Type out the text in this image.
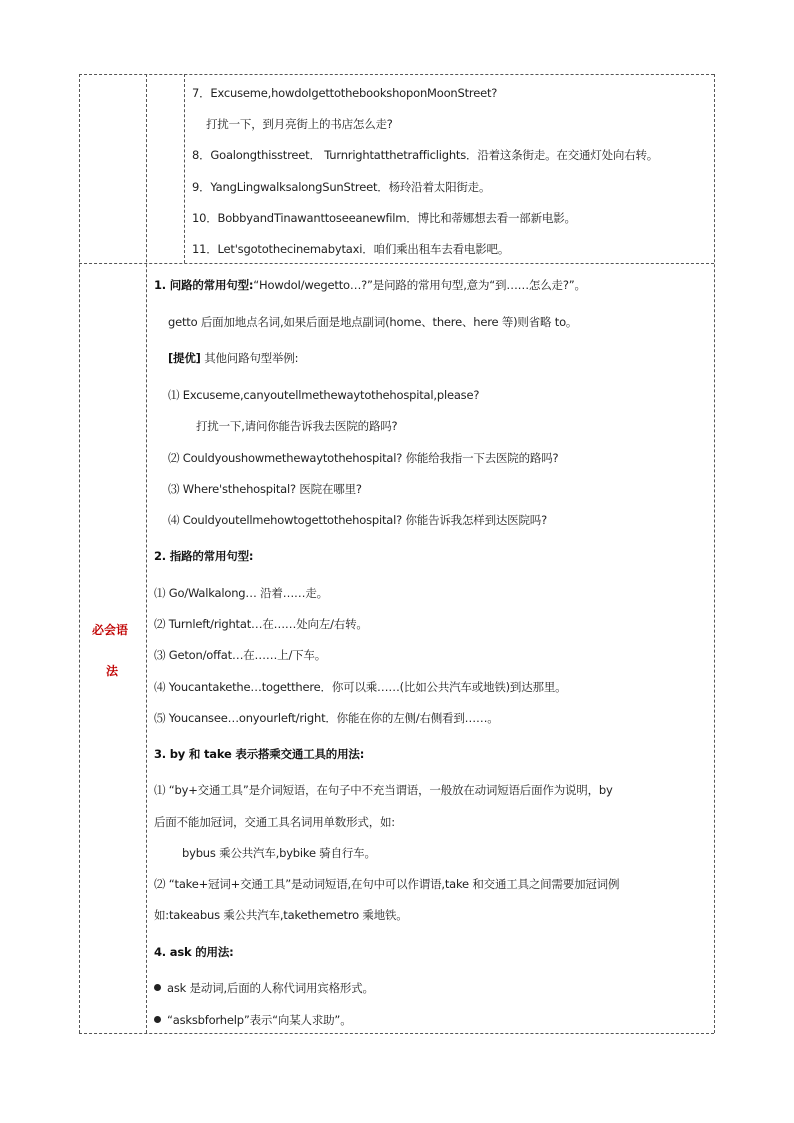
7．Excuseme,howdoIgettothebookshoponMoonStreet?
打扰一下，到月亮街上的书店怎么走?
8．Goalongthisstreet． Turnrightatthetrafficlights．沿着这条街走。在交通灯处向右转。
9．YangLingwalksalongSunStreet．杨玲沿着太阳街走。
10．BobbyandTinawanttoseeanewfilm．博比和蒂娜想去看一部新电影。
11．Let'sgotothecinemabytaxi．咱们乘出租车去看电影吧。
必会语
法
1. 问路的常用句型:“HowdoI/wegetto…?”是问路的常用句型,意为“到……怎么走?”。
getto 后面加地点名词,如果后面是地点副词(home、there、here 等)则省略 to。
[提优] 其他问路句型举例:
⑴ Excuseme,canyoutellmethewaytothehospital,please?
打扰一下,请问你能告诉我去医院的路吗?
⑵ Couldyoushowmethewaytothehospital? 你能给我指一下去医院的路吗?
⑶ Where'sthehospital? 医院在哪里?
⑷ Couldyoutellmehowtogettothehospital? 你能告诉我怎样到达医院吗?
2. 指路的常用句型:
⑴ Go/Walkalong… 沿着……走。
⑵ Turnleft/rightat…在……处向左/右转。
⑶ Geton/offat…在……上/下车。
⑷ Youcantakethe…togetthere．你可以乘……(比如公共汽车或地铁)到达那里。
⑸ Youcansee…onyourleft/right．你能在你的左侧/右侧看到……。
3. by 和 take 表示搭乘交通工具的用法:
⑴ “by+交通工具”是介词短语，在句子中不充当谓语，一般放在动词短语后面作为说明，by
后面不能加冠词，交通工具名词用单数形式，如:
bybus 乘公共汽车,bybike 骑自行车。
⑵ “take+冠词+交通工具”是动词短语,在句中可以作谓语,take 和交通工具之间需要加冠词例
如:takeabus 乘公共汽车,takethemetro 乘地铁。
4. ask 的用法:
ask 是动词,后面的人称代词用宾格形式。
“asksbforhelp”表示“向某人求助”。
